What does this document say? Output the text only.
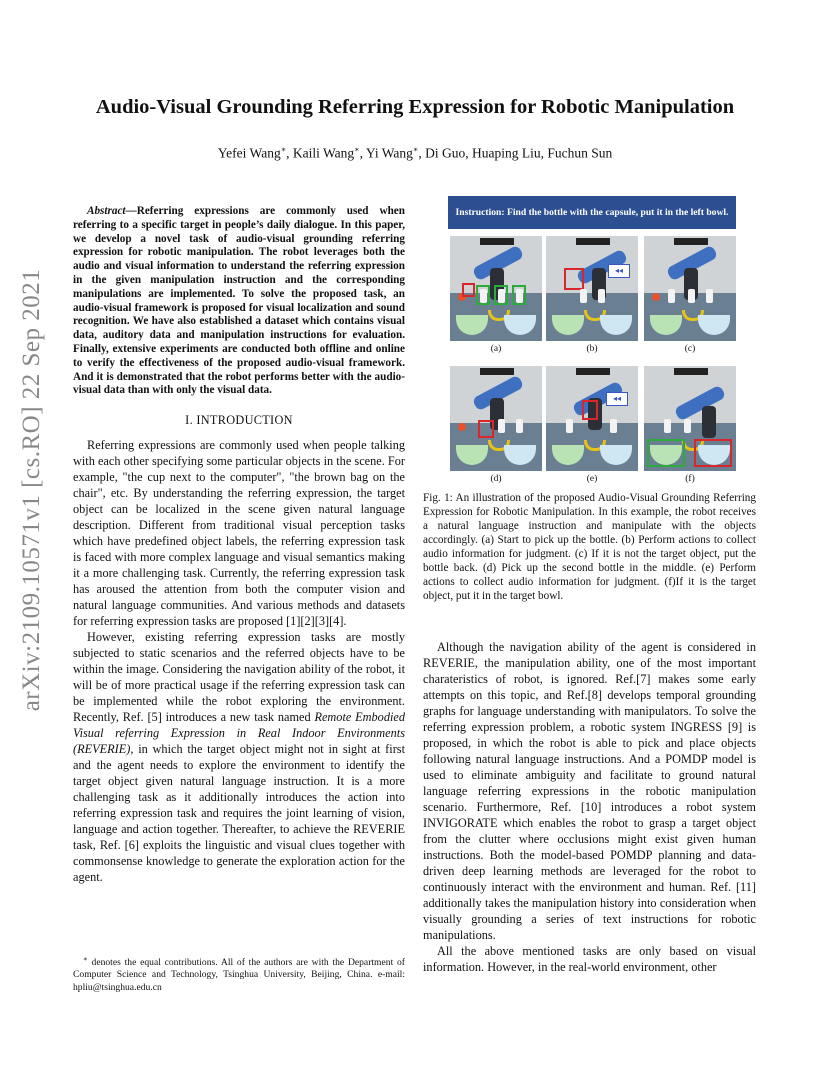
arXiv:2109.10571v1 [cs.RO] 22 Sep 2021
Audio-Visual Grounding Referring Expression for Robotic Manipulation
Yefei Wang∗, Kaili Wang∗, Yi Wang∗, Di Guo, Huaping Liu, Fuchun Sun

Abstract—Referring expressions are commonly used when referring to a specific target in people’s daily dialogue. In this paper, we develop a novel task of audio-visual grounding referring expression for robotic manipulation. The robot leverages both the audio and visual information to understand the referring expression in the given manipulation instruction and the corresponding manipulations are implemented. To solve the proposed task, an audio-visual framework is proposed for visual localization and sound recognition. We have also established a dataset which contains visual data, auditory data and manipulation instructions for evaluation. Finally, extensive experiments are conducted both offline and online to verify the effectiveness of the proposed audio-visual framework. And it is demonstrated that the robot performs better with the audio-visual data than with only the visual data.

I. INTRODUCTION

Referring expressions are commonly used when people talking with each other specifying some particular objects in the scene. For example, "the cup next to the computer", "the brown bag on the chair", etc. By understanding the referring expression, the target object can be localized in the scene given natural language description. Different from traditional visual perception tasks which have predefined object labels, the referring expression task is faced with more complex language and visual semantics making it a more challenging task. Currently, the referring expression task has aroused the attention from both the computer vision and natural language communities. And various methods and datasets for referring expression tasks are proposed [1][2][3][4].

However, existing referring expression tasks are mostly subjected to static scenarios and the referred objects have to be within the image. Considering the navigation ability of the robot, it will be of more practical usage if the referring expression task can be implemented while the robot exploring the environment. Recently, Ref. [5] introduces a new task named Remote Embodied Visual referring Expression in Real Indoor Environments (REVERIE), in which the target object might not in sight at first and the agent needs to explore the environment to identify the target object given natural language instruction. It is a more challenging task as it additionally introduces the action into referring expression task and requires the joint learning of vision, language and action together. Thereafter, to achieve the REVERIE task, Ref. [6] exploits the linguistic and visual clues together with commonsense knowledge to generate the exploration action for the agent.

∗ denotes the equal contributions. All of the authors are with the Department of Computer Science and Technology, Tsinghua University, Beijing, China. e-mail: hpliu@tsinghua.edu.cn
Instruction: Find the bottle with the capsule, put it in the left bowl.
◂◂
(a)	(b)	(c)
◂◂
(d)	(e)	(f)
Fig. 1: An illustration of the proposed Audio-Visual Grounding Referring Expression for Robotic Manipulation. In this example, the robot receives a natural language instruction and manipulate with the objects accordingly. (a) Start to pick up the bottle. (b) Perform actions to collect audio information for judgment. (c) If it is not the target object, put the bottle back. (d) Pick up the second bottle in the middle. (e) Perform actions to collect audio information for judgment. (f)If it is the target object, put it in the target bowl.

Although the navigation ability of the agent is considered in REVERIE, the manipulation ability, one of the most important charateristics of robot, is ignored. Ref.[7] makes some early attempts on this topic, and Ref.[8] develops temporal grounding graphs for language understanding with manipulators. To solve the referring expression problem, a robotic system INGRESS [9] is proposed, in which the robot is able to pick and place objects following natural language instructions. And a POMDP model is used to eliminate ambiguity and facilitate to ground natural language referring expressions in the robotic manipulation scenario. Furthermore, Ref. [10] introduces a robot system INVIGORATE which enables the robot to grasp a target object from the clutter where occlusions might exist given human instructions. Both the model-based POMDP planning and data-driven deep learning methods are leveraged for the robot to continuously interact with the environment and human. Ref. [11] additionally takes the manipulation history into consideration when visually grounding a series of text instructions for robotic manipulations.

All the above mentioned tasks are only based on visual information. However, in the real-world environment, other
